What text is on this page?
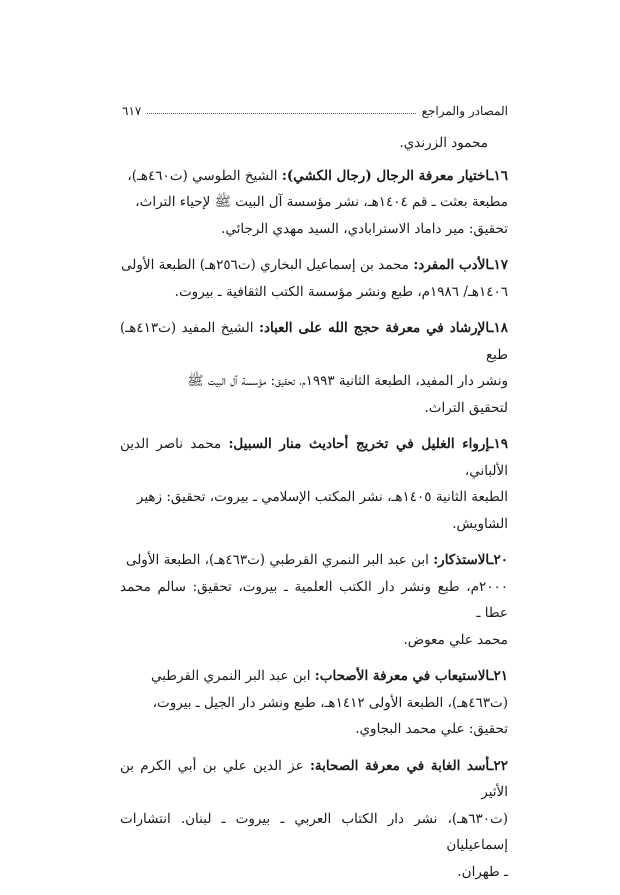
المصادر والمراجع
٦١٧

محمود الزرندي.

١٦ـاختيار معرفة الرجال (رجال الكشي): الشيخ الطوسي (ت٤٦٠هـ)،
مطبعة بعثت ـ قم ١٤٠٤هـ، نشر مؤسسة آل البيت ﷺ لإحياء التراث،
تحقيق: مير داماد الاسترابادي، السيد مهدي الرجائي.

١٧ـالأدب المفرد: محمد بن إسماعيل البخاري (ت٢٥٦هـ) الطبعة الأولى
١٤٠٦هـ/ ١٩٨٦م، طبع ونشر مؤسسة الكتب الثقافية ـ بيروت.

١٨ـالإرشاد في معرفة حجج الله على العباد: الشيخ المفيد (ت٤١٣هـ) طبع
ونشر دار المفيد، الطبعة الثانية ١٩٩٣م، تحقيق: مؤسسة آل البيت ﷺ
لتحقيق التراث.

١٩ـإرواء الغليل في تخريج أحاديث منار السبيل: محمد ناصر الدين الألباني،
الطبعة الثانية ١٤٠٥هـ، نشر المكتب الإسلامي ـ بيروت، تحقيق: زهير
الشاويش.

٢٠ـالاستذكار: ابن عبد البر النمري القرطبي (ت٤٦٣هـ)، الطبعة الأولى
٢٠٠٠م، طبع ونشر دار الكتب العلمية ـ بيروت، تحقيق: سالم محمد عطا ـ
محمد علي معوض.

٢١ـالاستيعاب في معرفة الأصحاب: ابن عبد البر النمري القرطبي
(ت٤٦٣هـ)، الطبعة الأولى ١٤١٢هـ، طبع ونشر دار الجيل ـ بيروت،
تحقيق: علي محمد البجاوي.

٢٢ـأسد الغابة في معرفة الصحابة: عز الدين علي بن أبي الكرم بن الأثير
(ت٦٣٠هـ)، نشر دار الكتاب العربي ـ بيروت ـ لبنان. انتشارات إسماعيليان
ـ طهران.
